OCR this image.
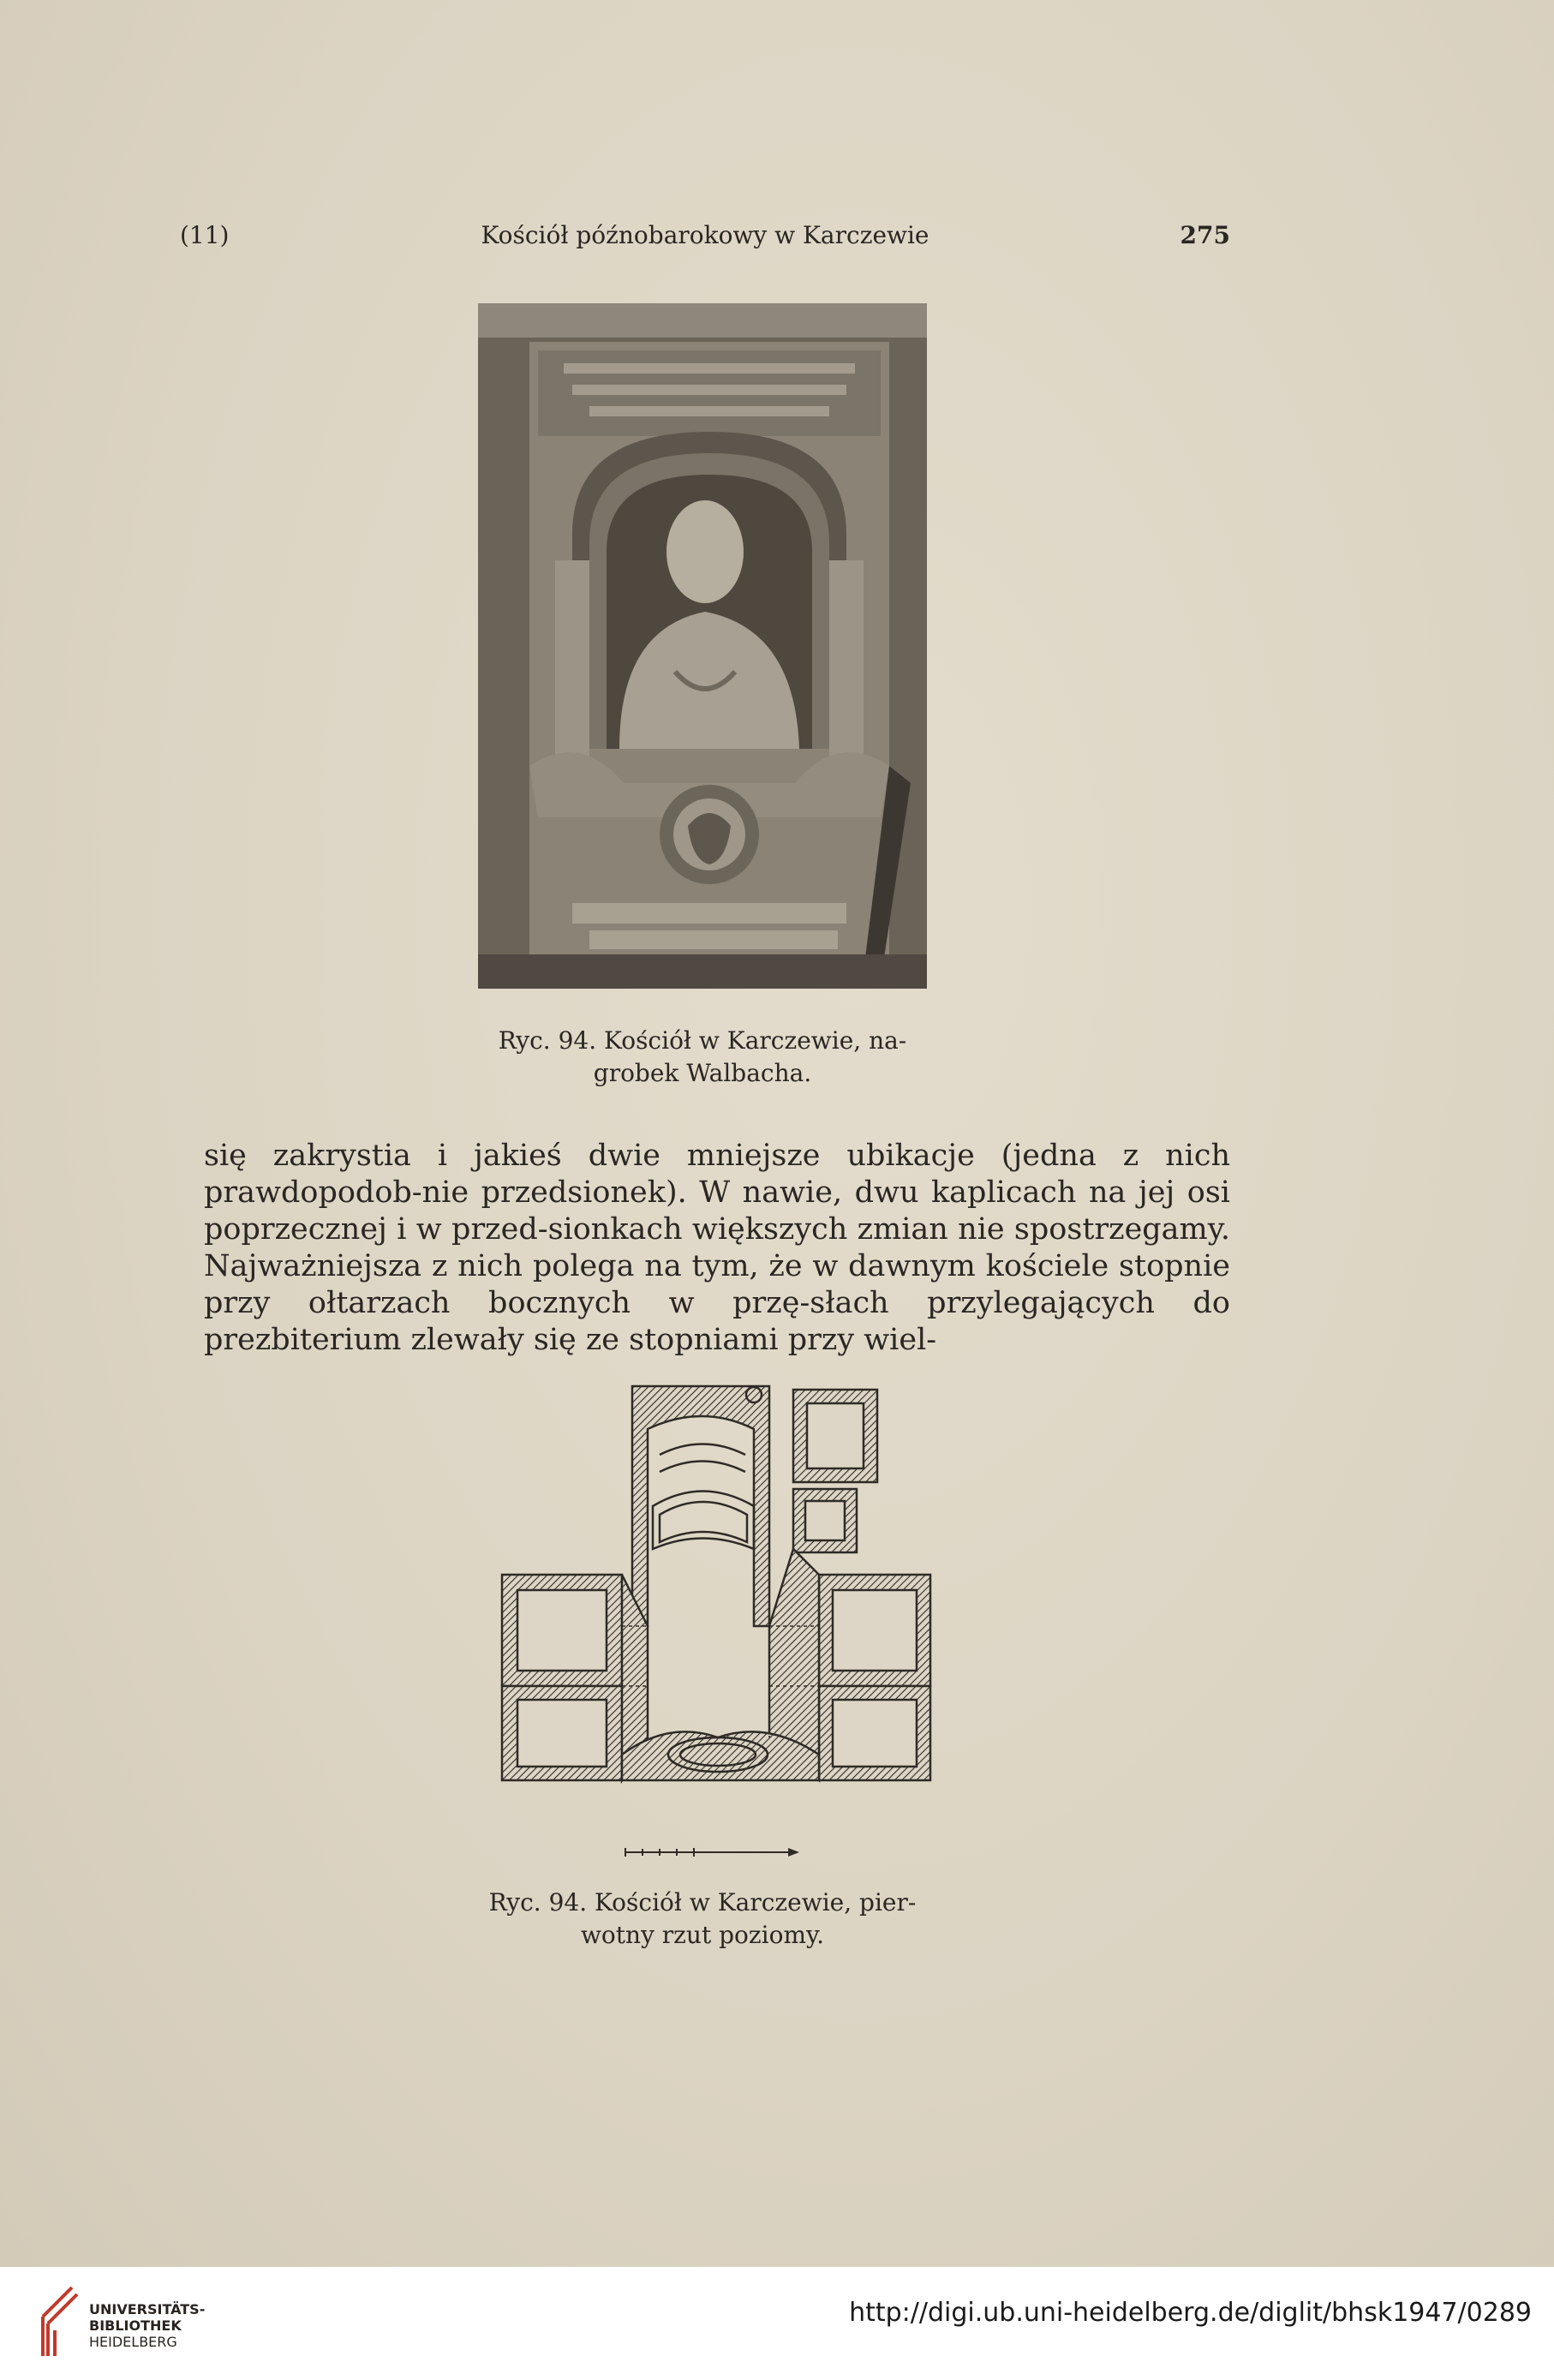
(11)	Kościół późnobarokowy w Karczewie	275
Ryc. 94. Kościół w Karczewie, na-
grobek Walbacha.

się zakrystia i jakieś dwie mniejsze ubikacje (jedna z nich prawdopodob-nie przedsionek). W nawie, dwu kaplicach na jej osi poprzecznej i w przed-sionkach większych zmian nie spostrzegamy. Najważniejsza z nich polega na tym, że w dawnym kościele stopnie przy ołtarzach bocznych w przę-słach przylegających do prezbiterium zlewały się ze stopniami przy wiel-

Ryc. 94. Kościół w Karczewie, pier-
wotny rzut poziomy.
UNIVERSITÄTS-
BIBLIOTHEK
HEIDELBERG
http://digi.ub.uni-heidelberg.de/diglit/bhsk1947/0289
